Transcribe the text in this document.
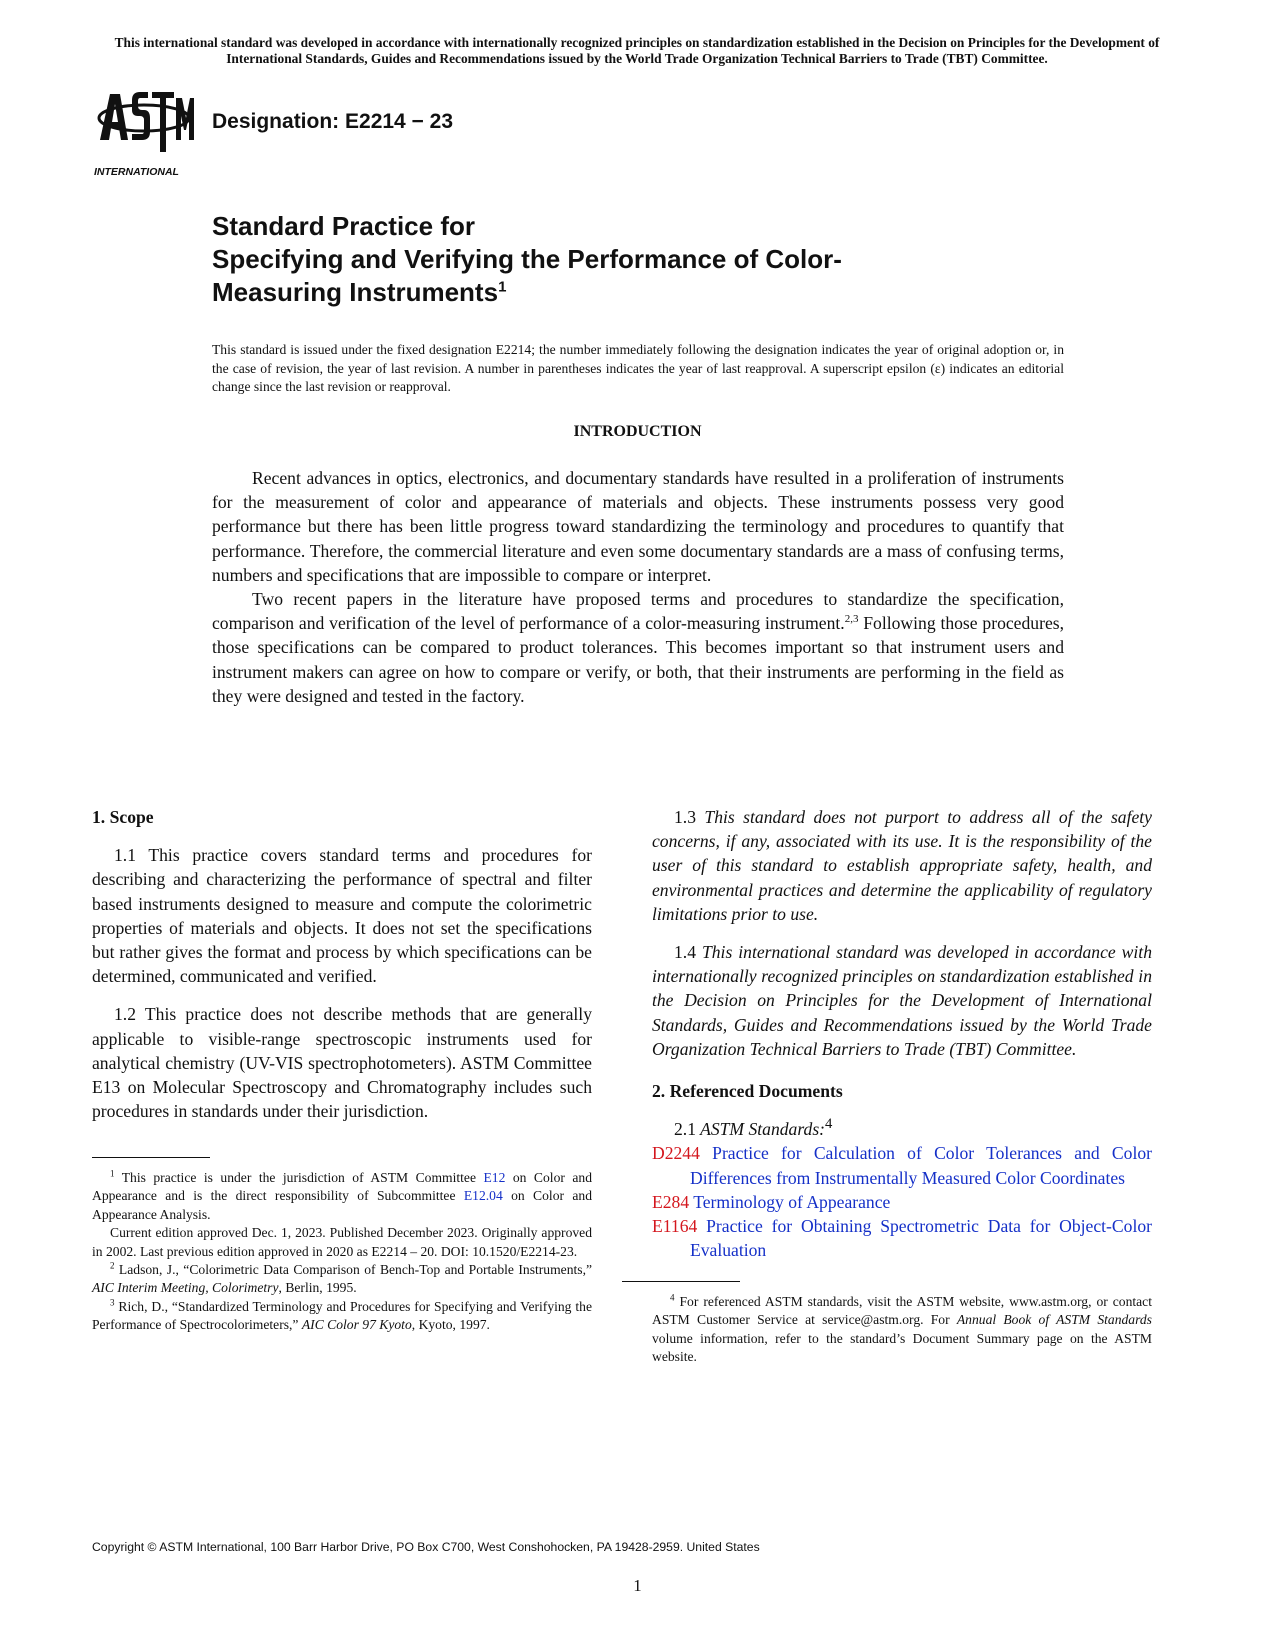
This international standard was developed in accordance with internationally recognized principles on standardization established in the Decision on Principles for the Development of International Standards, Guides and Recommendations issued by the World Trade Organization Technical Barriers to Trade (TBT) Committee.
INTERNATIONAL
Designation: E2214 − 23
Standard Practice for
Specifying and Verifying the Performance of Color-
Measuring Instruments$^1$
This standard is issued under the fixed designation E2214; the number immediately following the designation indicates the year of original adoption or, in the case of revision, the year of last revision. A number in parentheses indicates the year of last reapproval. A superscript epsilon (ε) indicates an editorial change since the last revision or reapproval.
INTRODUCTION

Recent advances in optics, electronics, and documentary standards have resulted in a proliferation of instruments for the measurement of color and appearance of materials and objects. These instruments possess very good performance but there has been little progress toward standardizing the terminology and procedures to quantify that performance. Therefore, the commercial literature and even some documentary standards are a mass of confusing terms, numbers and specifications that are impossible to compare or interpret.

Two recent papers in the literature have proposed terms and procedures to standardize the specification, comparison and verification of the level of performance of a color-measuring instrument.$^{2,3}$ Following those procedures, those specifications can be compared to product tolerances. This becomes important so that instrument users and instrument makers can agree on how to compare or verify, or both, that their instruments are performing in the field as they were designed and tested in the factory.

1. Scope

1.1 This practice covers standard terms and procedures for describing and characterizing the performance of spectral and filter based instruments designed to measure and compute the colorimetric properties of materials and objects. It does not set the specifications but rather gives the format and process by which specifications can be determined, communicated and verified.

1.2 This practice does not describe methods that are generally applicable to visible-range spectroscopic instruments used for analytical chemistry (UV-VIS spectrophotometers). ASTM Committee E13 on Molecular Spectroscopy and Chromatography includes such procedures in standards under their jurisdiction.

$^1$ This practice is under the jurisdiction of ASTM Committee E12 on Color and Appearance and is the direct responsibility of Subcommittee E12.04 on Color and Appearance Analysis.

Current edition approved Dec. 1, 2023. Published December 2023. Originally approved in 2002. Last previous edition approved in 2020 as E2214 – 20. DOI: 10.1520/E2214-23.

$^2$ Ladson, J., “Colorimetric Data Comparison of Bench-Top and Portable Instruments,” AIC Interim Meeting, Colorimetry, Berlin, 1995.

$^3$ Rich, D., “Standardized Terminology and Procedures for Specifying and Verifying the Performance of Spectrocolorimeters,” AIC Color 97 Kyoto, Kyoto, 1997.

1.3 This standard does not purport to address all of the safety concerns, if any, associated with its use. It is the responsibility of the user of this standard to establish appropriate safety, health, and environmental practices and determine the applicability of regulatory limitations prior to use.

1.4 This international standard was developed in accordance with internationally recognized principles on standardization established in the Decision on Principles for the Development of International Standards, Guides and Recommendations issued by the World Trade Organization Technical Barriers to Trade (TBT) Committee.

2. Referenced Documents

2.1 ASTM Standards:$^4$

D2244 Practice for Calculation of Color Tolerances and Color Differences from Instrumentally Measured Color Coordinates

E284 Terminology of Appearance

E1164 Practice for Obtaining Spectrometric Data for Object-Color Evaluation

$^4$ For referenced ASTM standards, visit the ASTM website, www.astm.org, or contact ASTM Customer Service at service@astm.org. For Annual Book of ASTM Standards volume information, refer to the standard’s Document Summary page on the ASTM website.

Copyright © ASTM International, 100 Barr Harbor Drive, PO Box C700, West Conshohocken, PA 19428-2959. United States
1
